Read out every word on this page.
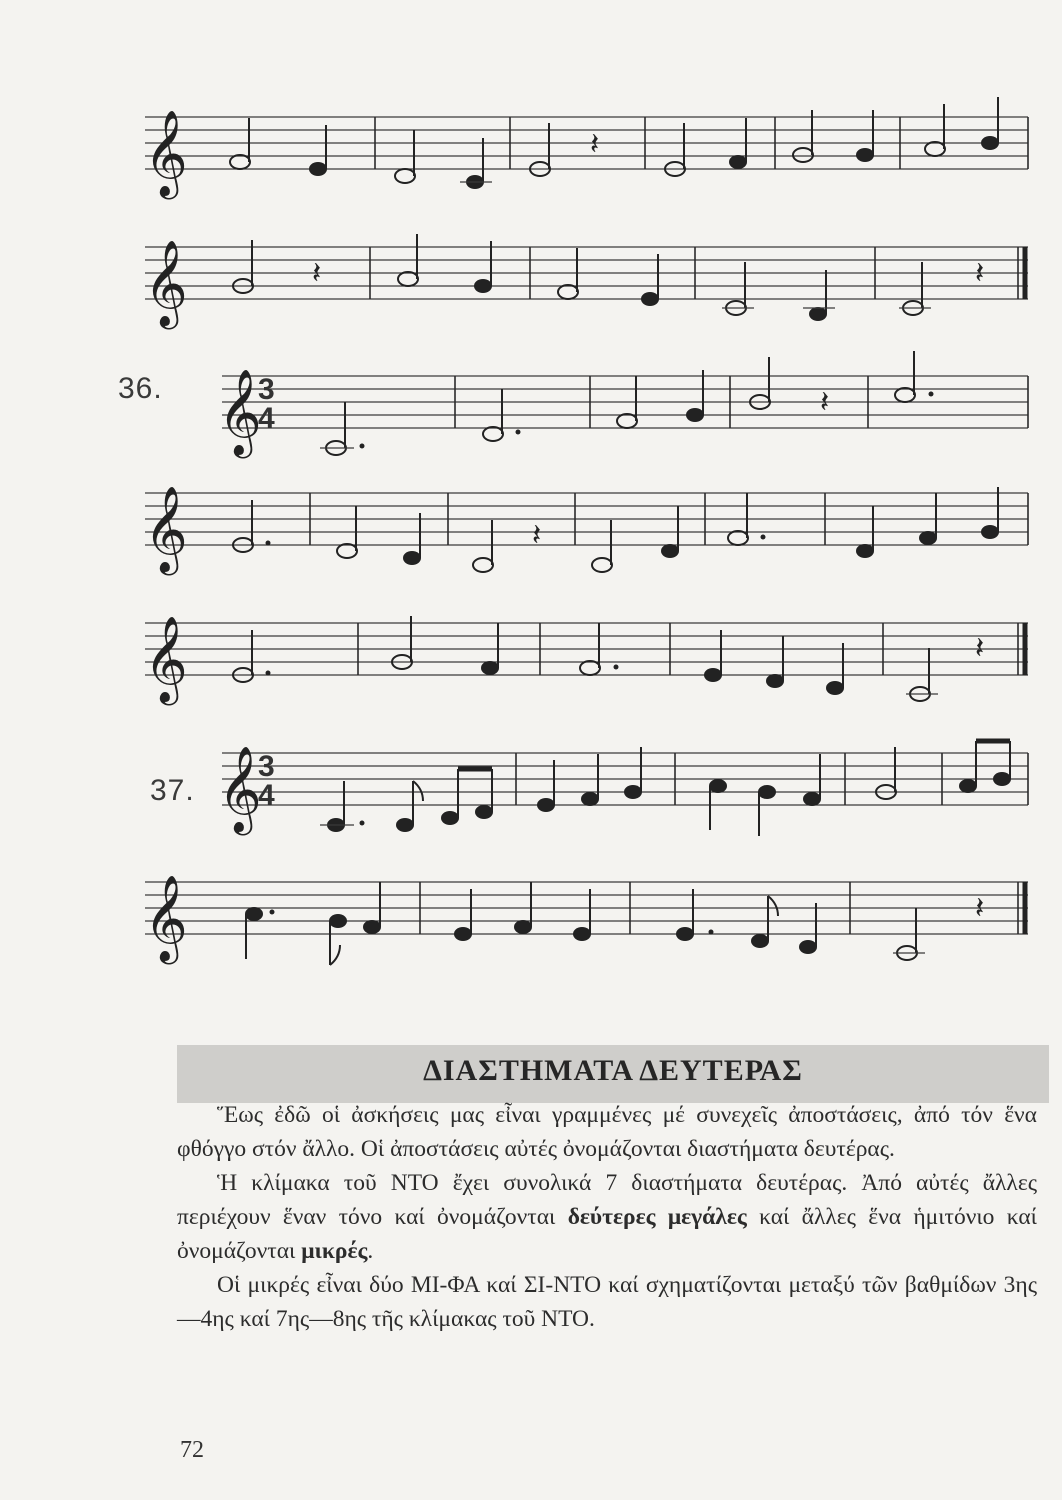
𝄞	𝄽
𝄞	𝄽	𝄽
𝄞
3
4	𝄽
𝄞	𝄽
𝄞	𝄽
𝄞
3
4
𝄞	𝄽
36.
37.
ΔΙΑΣΤΗΜΑΤΑ ΔΕΥΤΕΡΑΣ

Ἕως ἐδῶ οἱ ἀσκήσεις μας εἶναι γραμμένες μέ συνεχεῖς ἀποστάσεις, ἀπό τόν ἕνα φθόγγο στόν ἄλλο. Οἱ ἀποστάσεις αὐτές ὀνομάζονται διαστήματα δευτέρας.

Ἡ κλίμακα τοῦ ΝΤΟ ἔχει συνολικά 7 διαστήματα δευτέρας. Ἀπό αὐτές ἄλλες περιέχουν ἕναν τόνο καί ὀνομάζονται δεύτερες μεγάλες καί ἄλλες ἕνα ἡμιτόνιο καί ὀνομάζονται μικρές.

Οἱ μικρές εἶναι δύο ΜΙ-ΦΑ καί ΣΙ-ΝΤΟ καί σχηματίζονται μεταξύ τῶν βαθμίδων 3ης—4ης καί 7ης—8ης τῆς κλίμακας τοῦ ΝΤΟ.

72
